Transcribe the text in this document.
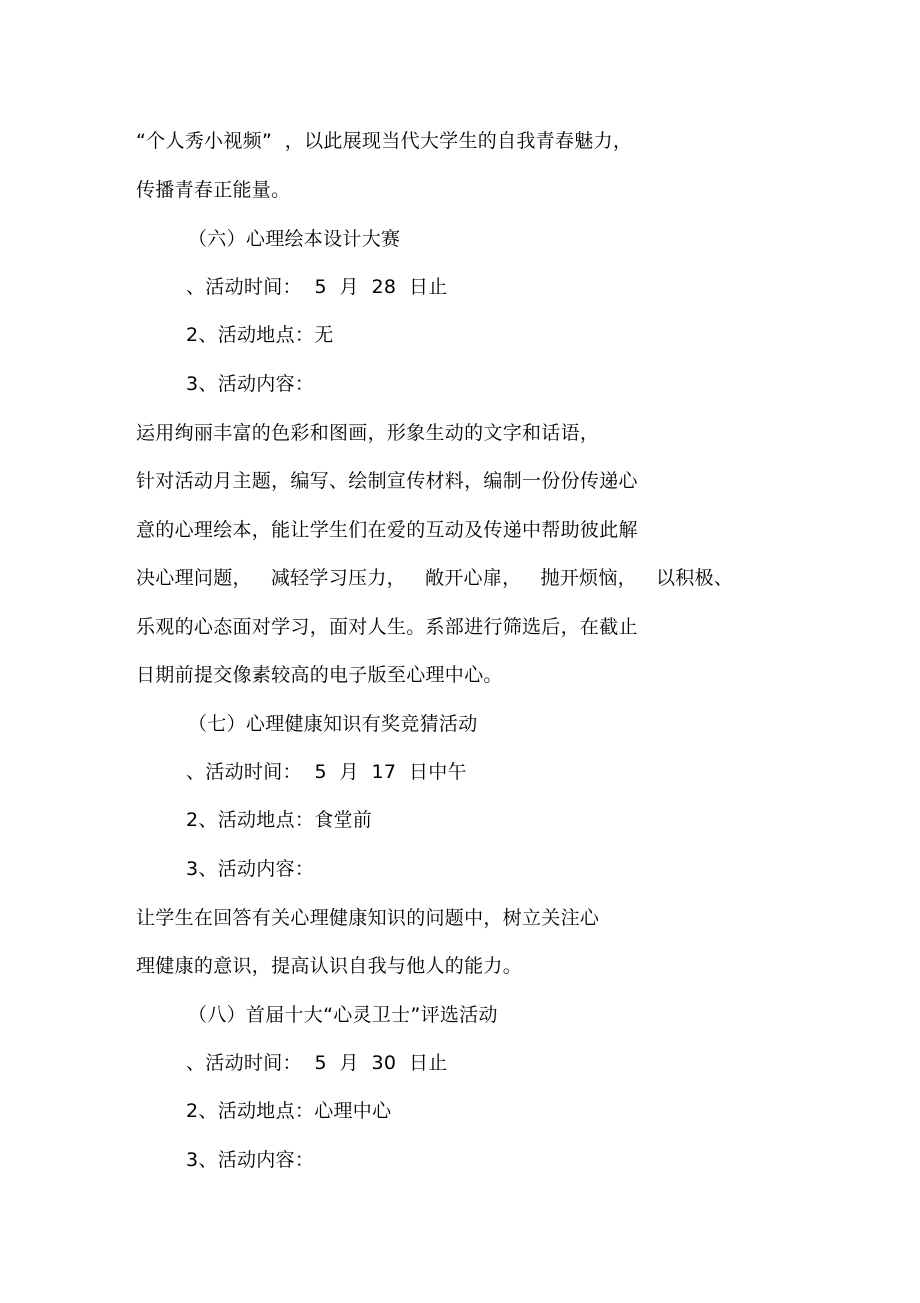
“个人秀小视频”  ，以此展现当代大学生的自我青春魅力，
传播青春正能量。
（六）心理绘本设计大赛
、活动时间：  5  月  28  日止
2、活动地点：无
3、活动内容：
运用绚丽丰富的色彩和图画，形象生动的文字和话语，
针对活动月主题，编写、绘制宣传材料，编制一份份传递心
意的心理绘本，能让学生们在爱的互动及传递中帮助彼此解
决心理问题，   减轻学习压力，   敞开心扉，   抛开烦恼，   以积极、
乐观的心态面对学习，面对人生。系部进行筛选后，在截止
日期前提交像素较高的电子版至心理中心。
（七）心理健康知识有奖竞猜活动
、活动时间：  5  月  17  日中午
2、活动地点：食堂前
3、活动内容：
让学生在回答有关心理健康知识的问题中，树立关注心
理健康的意识，提高认识自我与他人的能力。
（八）首届十大“心灵卫士”评选活动
、活动时间：  5  月  30  日止
2、活动地点：心理中心
3、活动内容：
